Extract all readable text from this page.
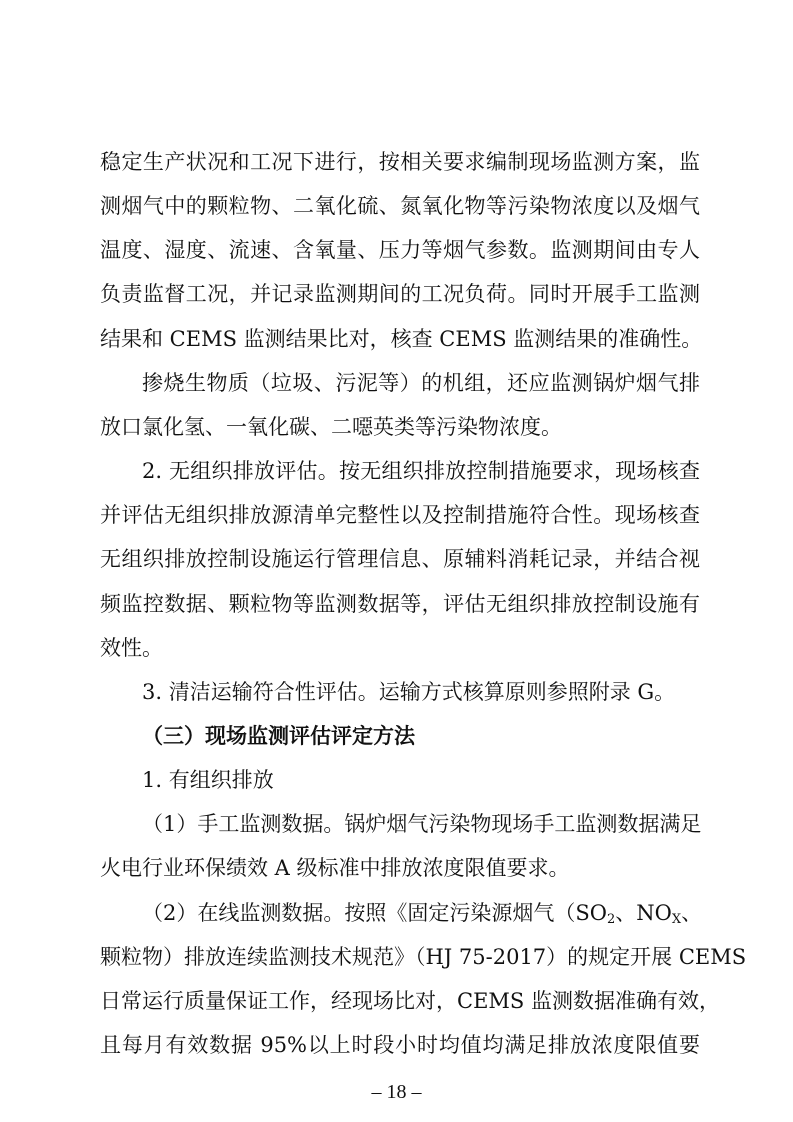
稳定生产状况和工况下进行，按相关要求编制现场监测方案，监
测烟气中的颗粒物、二氧化硫、氮氧化物等污染物浓度以及烟气
温度、湿度、流速、含氧量、压力等烟气参数。监测期间由专人
负责监督工况，并记录监测期间的工况负荷。同时开展手工监测
结果和 CEMS 监测结果比对，核查 CEMS 监测结果的准确性。
掺烧生物质（垃圾、污泥等）的机组，还应监测锅炉烟气排
放口氯化氢、一氧化碳、二噁英类等污染物浓度。
2. 无组织排放评估。按无组织排放控制措施要求，现场核查
并评估无组织排放源清单完整性以及控制措施符合性。现场核查
无组织排放控制设施运行管理信息、原辅料消耗记录，并结合视
频监控数据、颗粒物等监测数据等，评估无组织排放控制设施有
效性。
3. 清洁运输符合性评估。运输方式核算原则参照附录 G。
（三）现场监测评估评定方法
1. 有组织排放
（1）手工监测数据。锅炉烟气污染物现场手工监测数据满足
火电行业环保绩效 A 级标准中排放浓度限值要求。
（2）在线监测数据。按照《固定污染源烟气（$SO_2$、$NO_X$、
颗粒物）排放连续监测技术规范》（HJ 75-2017）的规定开展 CEMS
日常运行质量保证工作，经现场比对，CEMS 监测数据准确有效，
且每月有效数据 95%以上时段小时均值均满足排放浓度限值要
– 18 –
